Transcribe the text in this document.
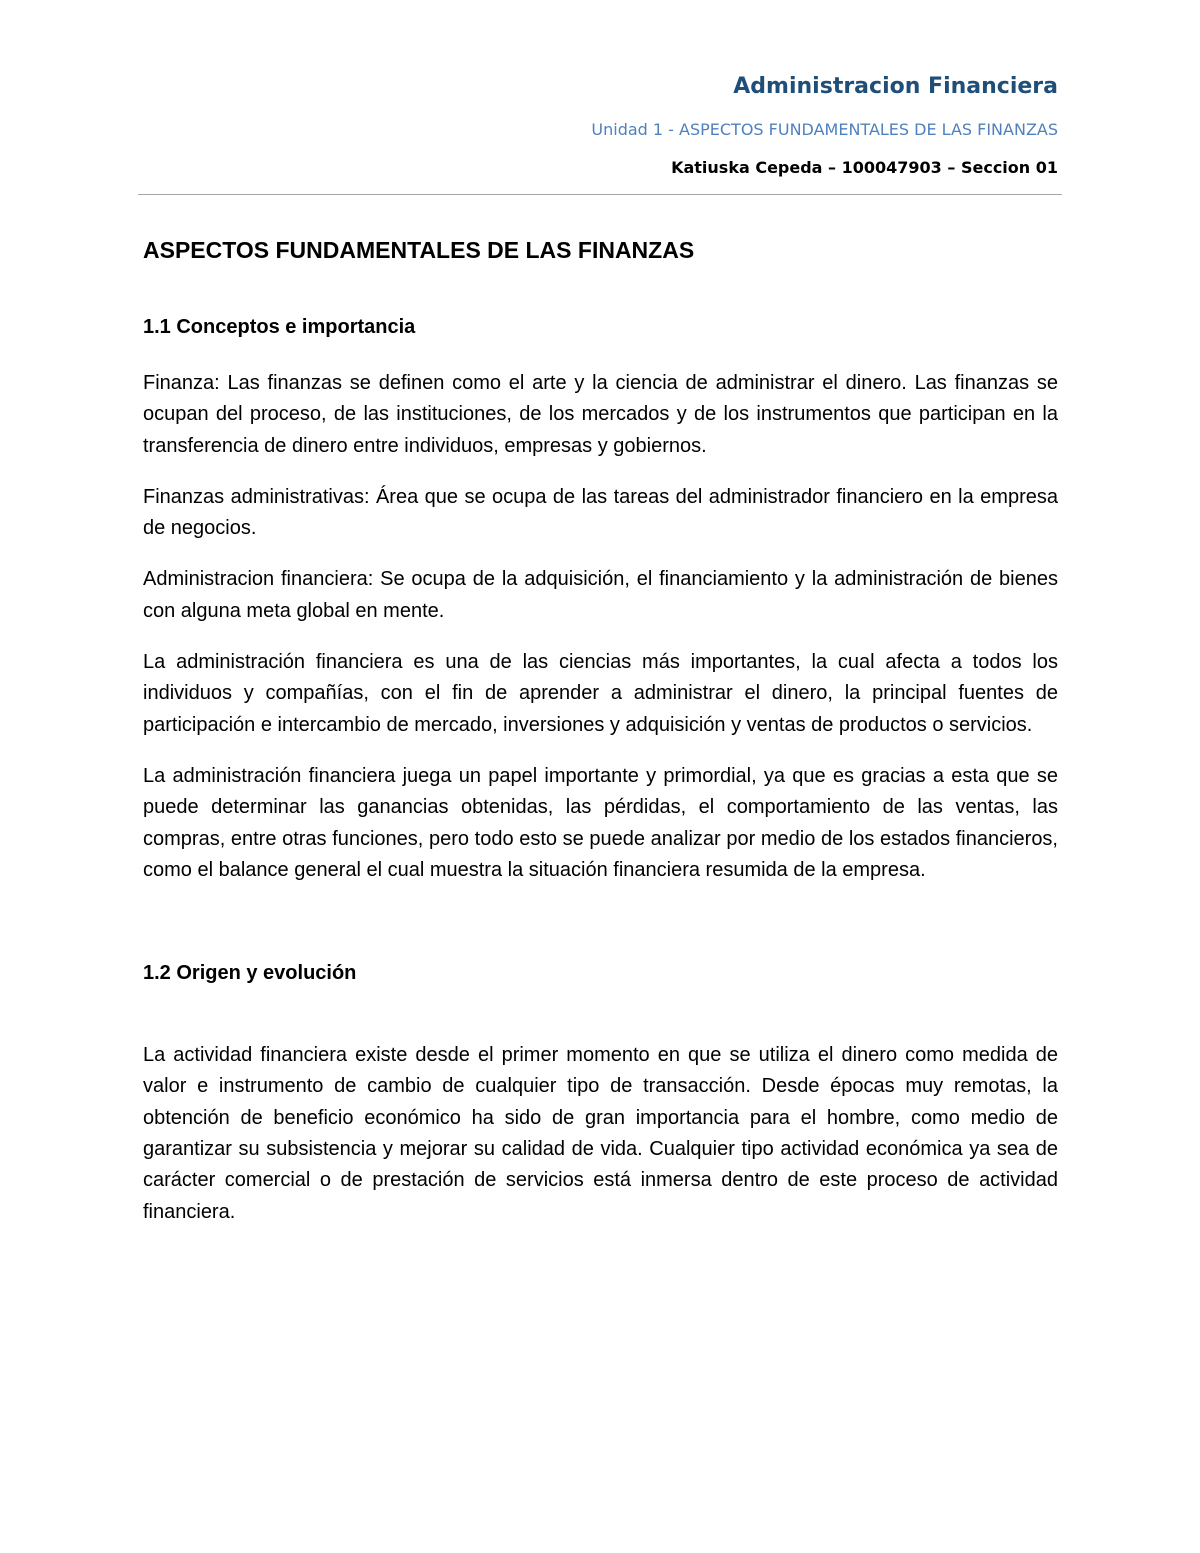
Administracion Financiera
Unidad 1 - ASPECTOS FUNDAMENTALES DE LAS FINANZAS
Katiuska Cepeda – 100047903 – Seccion 01
ASPECTOS FUNDAMENTALES DE LAS FINANZAS
1.1 Conceptos e importancia

Finanza: Las finanzas se definen como el arte y la ciencia de administrar el dinero. Las finanzas se ocupan del proceso, de las instituciones, de los mercados y de los instrumentos que participan en la transferencia de dinero entre individuos, empresas y gobiernos.

Finanzas administrativas: Área que se ocupa de las tareas del administrador financiero en la empresa de negocios.

Administracion financiera: Se ocupa de la adquisición, el financiamiento y la administración de bienes con alguna meta global en mente.

La administración financiera es una de las ciencias más importantes, la cual afecta a todos los individuos y compañías, con el fin de aprender a administrar el dinero, la principal fuentes de participación e intercambio de mercado, inversiones y adquisición y ventas de productos o servicios.

La administración financiera juega un papel importante y primordial, ya que es gracias a esta que se puede determinar las ganancias obtenidas, las pérdidas, el comportamiento de las ventas, las compras, entre otras funciones, pero todo esto se puede analizar por medio de los estados financieros, como el balance general el cual muestra la situación financiera resumida de la empresa.

1.2 Origen y evolución

La actividad financiera existe desde el primer momento en que se utiliza el dinero como medida de valor e instrumento de cambio de cualquier tipo de transacción. Desde épocas muy remotas, la obtención de beneficio económico ha sido de gran importancia para el hombre, como medio de garantizar su subsistencia y mejorar su calidad de vida. Cualquier tipo actividad económica ya sea de carácter comercial o de prestación de servicios está inmersa dentro de este proceso de actividad financiera.
